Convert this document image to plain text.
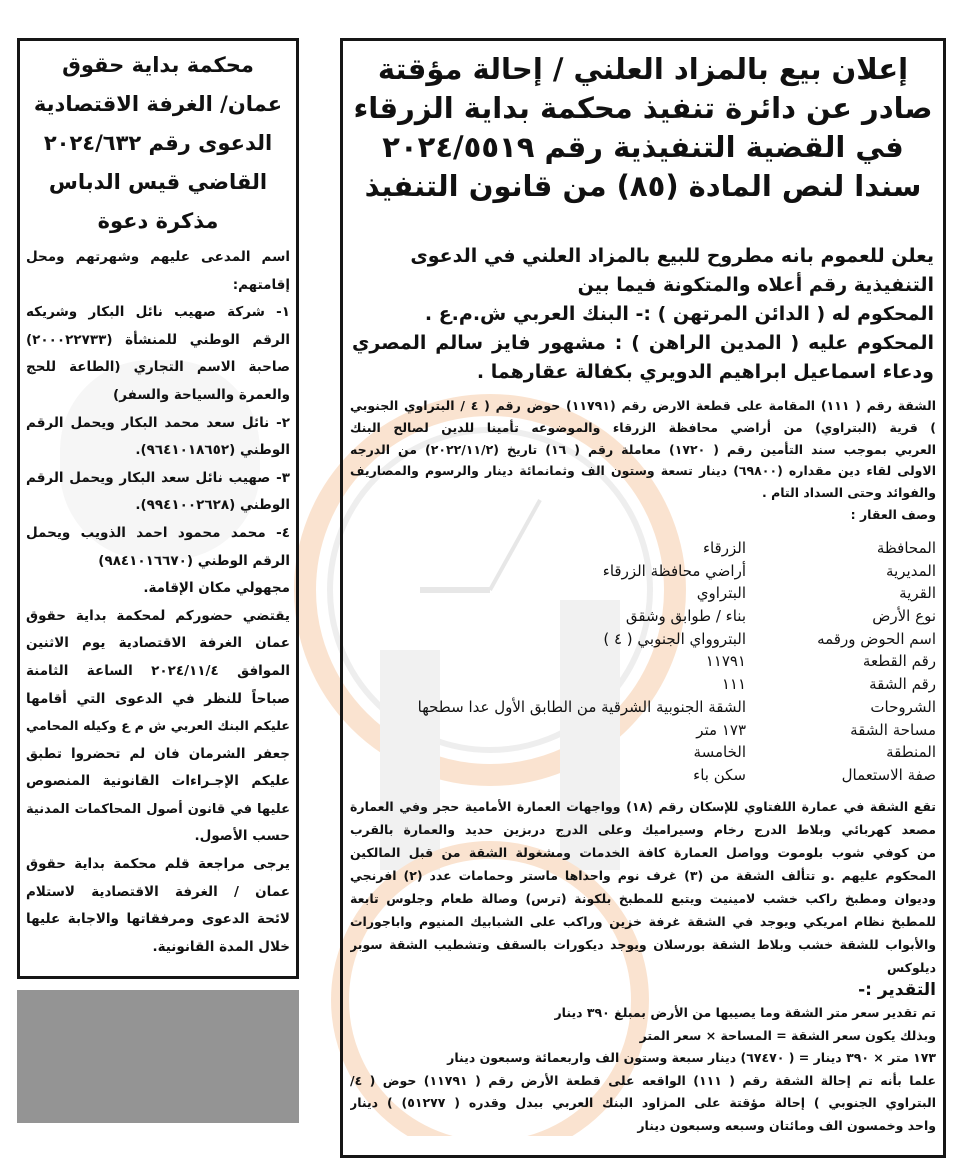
محكمة بداية حقوق
عمان/ الغرفة الاقتصادية
الدعوى رقم ٢٠٢٤/٦٣٢
القاضي قيس الدباس
مذكرة دعوة
اسم المدعى عليهم وشهرتهم ومحل
إقامتهم:
١- شركة صهيب نائل البكار وشريكه
الرقم الوطني للمنشأة (٢٠٠٠٢٢٧٣٣)
صاحبة الاسم التجاري (الطاعة للحج
والعمرة والسياحة والسفر)
٢- نائل سعد محمد البكار ويحمل الرقم
الوطني (٩٦٤١٠١٨٦٥٢).
٣- صهيب نائل سعد البكار ويحمل الرقم
الوطني (٩٩٤١٠٠٢٦٢٨).
٤- محمد محمود احمد الذويب ويحمل
الرقم الوطني (٩٨٤١٠١٦٦٧٠)
مجهولي مكان الإقامة.
يقتضي حضوركم لمحكمة بداية حقوق
عمان الغرفة الاقتصادية يوم الاثنين
الموافق ٢٠٢٤/١١/٤ الساعة الثامنة
صباحاً للنظر في الدعوى التي أقامها
عليكم البنك العربي ش م ع وكيله المحامي
جعفر الشرمان فان لم تحضروا تطبق
عليكم الإجـراءات القانونية المنصوص
عليها في قانون أصول المحاكمات المدنية
حسب الأصول.
يرجى مراجعة قلم محكمة بداية حقوق
عمان / الغرفة الاقتصادية لاستلام
لائحة الدعوى ومرفقاتها والاجابة عليها
خلال المدة القانونية.
إعلان بيع بالمزاد العلني / إحالة مؤقتة
صادر عن دائرة تنفيذ محكمة بداية الزرقاء
في القضية التنفيذية رقم ٢٠٢٤/٥٥١٩
سندا لنص المادة (٨٥) من قانون التنفيذ
يعلن للعموم بانه مطروح للبيع بالمزاد العلني في الدعوى
التنفيذية رقم أعلاه والمتكونة فيما بين
المحكوم له ( الدائن المرتهن ) :- البنك العربي ش.م.ع .
المحكوم عليه ( المدين الراهن ) : مشهور فايز سالم المصري
ودعاء اسماعيل ابراهيم الدويري بكفالة عقارهما .
الشقة رقم ( ١١١) المقامة على قطعة الارض رقم (١١٧٩١) حوض رقم ( ٤ / البتراوي الجنوبي
) قرية (البتراوي) من أراضي محافظة الزرقاء والموضوعه تأمينا للدين لصالح البنك
العربي بموجب سند التأمين رقم ( ١٧٢٠) معاملة رقم ( ١٦) تاريخ (٢٠٢٢/١١/٢) من الدرجه
الاولى لقاء دين مقداره (٦٩٨٠٠) دينار تسعة وستون الف وثمانمائة دينار والرسوم والمصاريف
والفوائد وحتى السداد التام .
وصف العقار :
المحافظة
الزرقاء
المديرية
أراضي محافظة الزرقاء
القرية
البتراوي
نوع الأرض
بناء / طوابق وشقق
اسم الحوض ورقمه
البتروواي الجنوبي ( ٤ )
رقم القطعة
١١٧٩١
رقم الشقة
١١١
الشروحات
الشقة الجنوبية الشرقية من الطابق الأول عدا سطحها
مساحة الشقة
١٧٣ متر
المنطقة
الخامسة
صفة الاستعمال
سكن باء
تقع الشقة في عمارة اللفتاوي للإسكان رقم (١٨) وواجهات العمارة الأمامية حجر وفي العمارة
مصعد كهربائي وبلاط الدرج رخام وسيراميك وعلى الدرج دربزين حديد والعمارة بالقرب
من كوفي شوب بلوموت وواصل العمارة كافة الخدمات ومشغولة الشقة من قبل المالكين
المحكوم عليهم .و تتألف الشقة من (٣) غرف نوم واحداها ماستر وحمامات عدد (٢) افرنجي
وديوان ومطبخ راكب خشب لامينيت ويتبع للمطبخ بلكونة (ترس) وصالة طعام وجلوس تابعة
للمطبخ نظام امريكي ويوجد في الشقة غرفة خزين وراكب على الشبابيك المنيوم واباجورات
والأبواب للشقة خشب وبلاط الشقة بورسلان ويوجد ديكورات بالسقف وتشطيب الشقة سوبر
ديلوكس
التقدير :-
تم تقدير سعر متر الشقة وما يصيبها من الأرض بمبلغ ٣٩٠ دينار
وبذلك يكون سعر الشقة = المساحة × سعر المتر
١٧٣ متر × ٣٩٠ دينار = ( ٦٧٤٧٠) دينار سبعة وستون الف واربعمائة وسبعون دينار
علما بأنه تم إحالة الشقة رقم ( ١١١) الواقعه على قطعة الأرض رقم ( ١١٧٩١) حوض ( ٤/
البتراوي الجنوبي ) إحالة مؤقتة على المزاود البنك العربي ببدل وقدره ( ٥١٢٧٧) ) دينار
واحد وخمسون الف ومائتان وسبعه وسبعون دينار
